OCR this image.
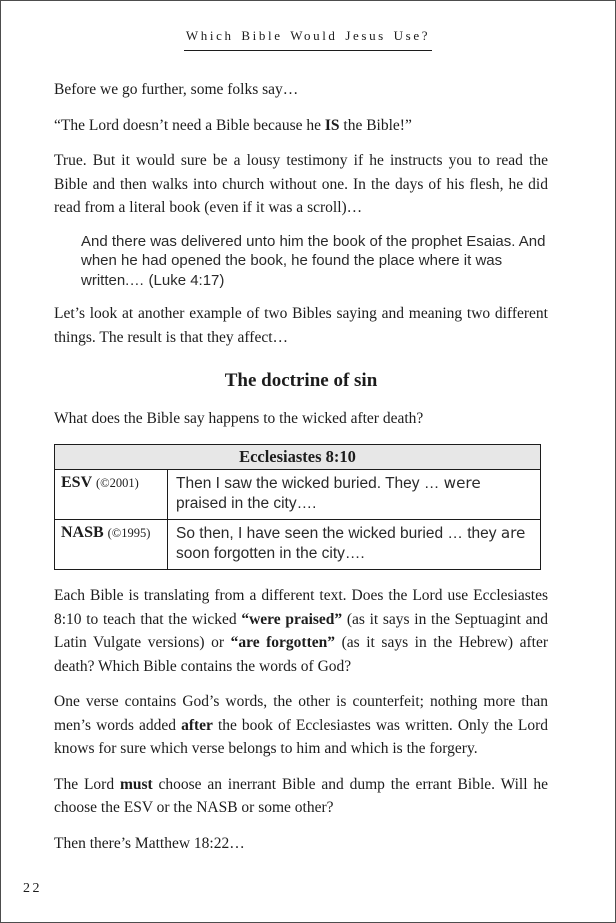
Which Bible Would Jesus Use?

Before we go further, some folks say…

“The Lord doesn’t need a Bible because he IS the Bible!”

True. But it would sure be a lousy testimony if he instructs you to read the Bible and then walks into church without one. In the days of his flesh, he did read from a literal book (even if it was a scroll)…

And there was delivered unto him the book of the prophet Esaias. And when he had opened the book, he found the place where it was written.… (Luke 4:17)

Let’s look at another example of two Bibles saying and meaning two different things. The result is that they affect…

The doctrine of sin

What does the Bible say happens to the wicked after death?

Ecclesiastes 8:10	
ESV (©2001)	Then I saw the wicked buried. They … were praised in the city….
NASB (©1995)	So then, I have seen the wicked buried … they are soon forgotten in the city….

Each Bible is translating from a different text. Does the Lord use Ecclesiastes 8:10 to teach that the wicked “were praised” (as it says in the Septuagint and Latin Vulgate versions) or “are forgotten” (as it says in the Hebrew) after death? Which Bible contains the words of God?

One verse contains God’s words, the other is counterfeit; nothing more than men’s words added after the book of Ecclesiastes was written. Only the Lord knows for sure which verse belongs to him and which is the forgery.

The Lord must choose an inerrant Bible and dump the errant Bible. Will he choose the ESV or the NASB or some other?

Then there’s Matthew 18:22…

22
